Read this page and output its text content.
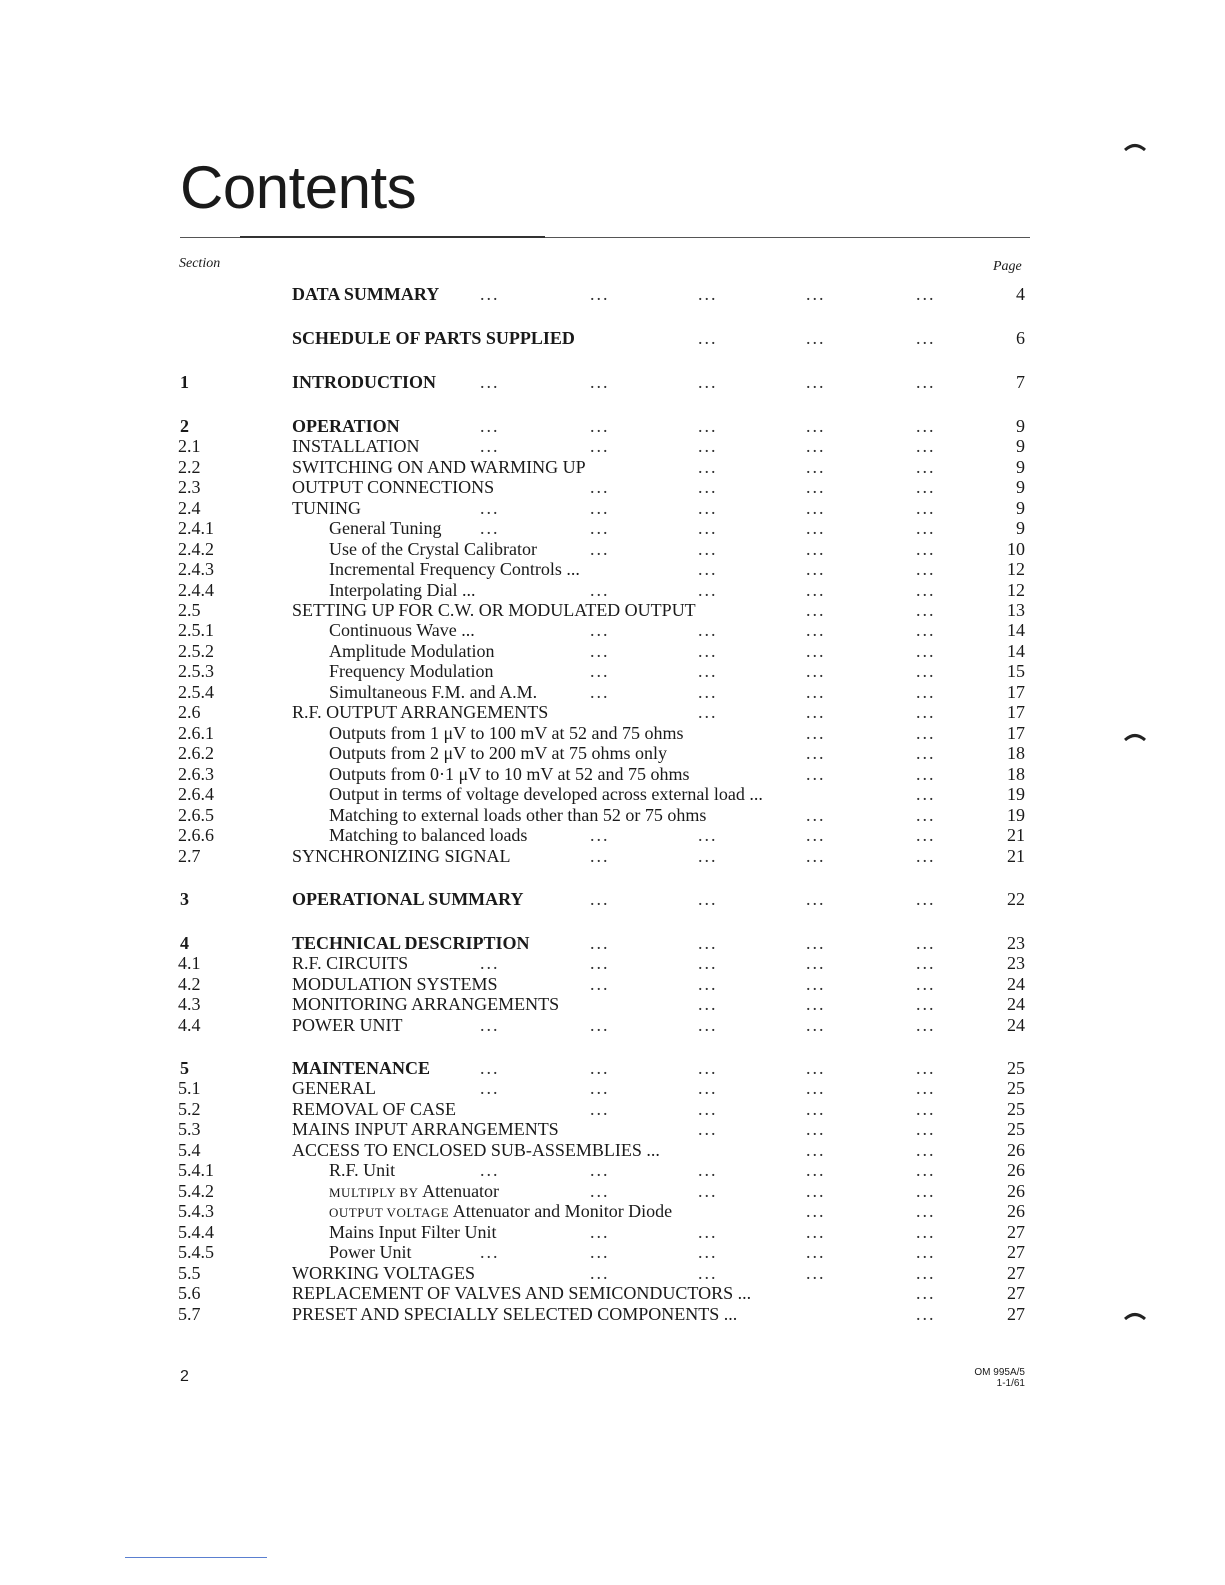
Contents
Section	Page
DATA SUMMARY ...	...	...	...	...	4
SCHEDULE OF PARTS SUPPLIED	...	...	...	6
1	INTRODUCTION ...	...	...	...	...	7
2	OPERATION	...	...	...	...	...	9
2.1	INSTALLATION	...	...	...	...	...	9
2.2	SWITCHING ON AND WARMING UP	...	...	...	9
2.3	OUTPUT CONNECTIONS	...	...	...	...	9
2.4	TUNING	...	...	...	...	...	9
2.4.1	General Tuning ...	...	...	...	...	9
2.4.2	Use of the Crystal Calibrator	...	...	...	...	10
2.4.3	Incremental Frequency Controls ...	...	...	...	12
2.4.4	Interpolating Dial ...	...	...	...	...	12
2.5	SETTING UP FOR C.W. OR MODULATED OUTPUT	...	...	13
2.5.1	Continuous Wave ...	...	...	...	...	14
2.5.2	Amplitude Modulation	...	...	...	...	14
2.5.3	Frequency Modulation	...	...	...	...	15
2.5.4	Simultaneous F.M. and A.M.	...	...	...	...	17
2.6	R.F. OUTPUT ARRANGEMENTS	...	...	...	17
2.6.1	Outputs from 1 μV to 100 mV at 52 and 75 ohms	...	...	17
2.6.2	Outputs from 2 μV to 200 mV at 75 ohms only	...	...	18
2.6.3	Outputs from 0·1 μV to 10 mV at 52 and 75 ohms	...	...	18
2.6.4	Output in terms of voltage developed across external load ...	...	19
2.6.5	Matching to external loads other than 52 or 75 ohms	...	...	19
2.6.6	Matching to balanced loads	...	...	...	...	21
2.7	SYNCHRONIZING SIGNAL	...	...	...	...	21
3	OPERATIONAL SUMMARY	...	...	...	...	22
4	TECHNICAL DESCRIPTION	...	...	...	...	23
4.1	R.F. CIRCUITS	...	...	...	...	...	23
4.2	MODULATION SYSTEMS	...	...	...	...	24
4.3	MONITORING ARRANGEMENTS	...	...	...	24
4.4	POWER UNIT	...	...	...	...	...	24
5	MAINTENANCE	...	...	...	...	...	25
5.1	GENERAL	...	...	...	...	...	25
5.2	REMOVAL OF CASE	...	...	...	...	25
5.3	MAINS INPUT ARRANGEMENTS	...	...	...	25
5.4	ACCESS TO ENCLOSED SUB-ASSEMBLIES ...	...	...	26
5.4.1	R.F. Unit	...	...	...	...	...	26
5.4.2	MULTIPLY BY Attenuator	...	...	...	...	26
5.4.3	OUTPUT VOLTAGE Attenuator and Monitor Diode	...	...	26
5.4.4	Mains Input Filter Unit	...	...	...	...	27
5.4.5	Power Unit	...	...	...	...	...	27
5.5	WORKING VOLTAGES	...	...	...	...	27
5.6	REPLACEMENT OF VALVES AND SEMICONDUCTORS ...	...	27
5.7	PRESET AND SPECIALLY SELECTED COMPONENTS ...	...	27
2	OM 995A/5
1-1/61
